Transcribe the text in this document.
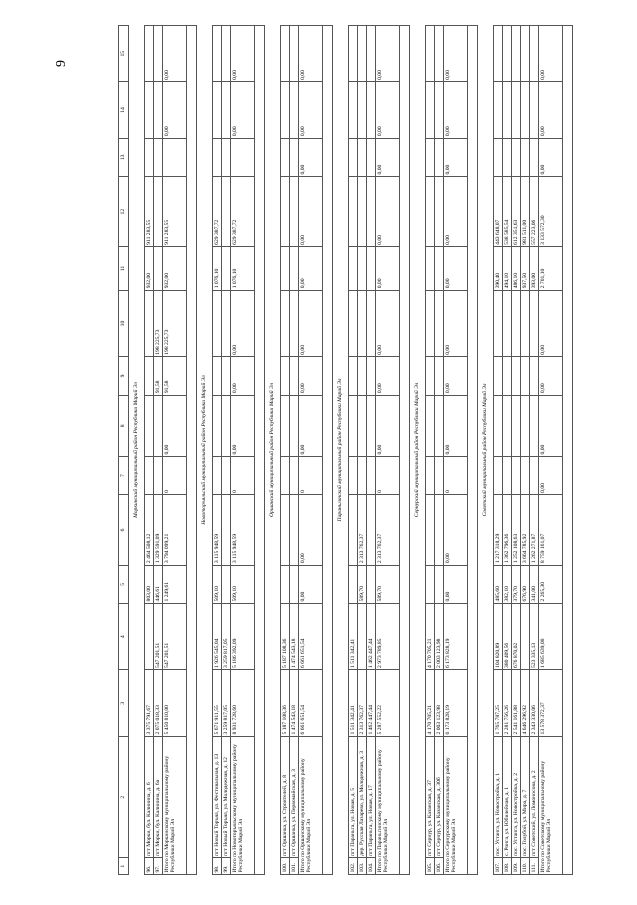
9
1	2	3	4	5	6	7	8	9	10	11	12	13	14	15
Моркинский муниципальный район Республики Марий Эл														
96.	пгт Морки, бул. Калинина, д. 6	3 375 791,67		803,00	2 464 508,12					932,00	911 283,55			
97.	пгт Морки, бул. Калинина, д. 6а	2 075 018,33	547 201,51	446,61	1 329 591,09			91,58	198 225,73					
Итого по Моркинскому муниципальному району Республики Марий Эл		5 450 810,00	547 201,51	1 249,61	3 794 099,21	0	0,00	91,58	198 225,73	932,00	911 283,55		0,00	0,00

Новоторъяльский муниципальный район Республики Марий Эл														
98.	пгт Новый Торъял, ул. Фестивальная, д. 13	5 671 911,55	1 926 545,04	509,10	3 115 948,59					1 076,10	629 387,72			
99.	пгт Новый Торъял, ул. Молодежная, д. 12	3 259 817,05	3 259 817,05											
Итого по Новоторъяльскому муниципальному району Республики Марий Эл		8 931 728,60	5 186 392,09	509,10	3 115 948,59	0	0,00	0,00	0,00	1 076,10	629 387,72		0,00	0,00

Оршанский муниципальный район Республики Марий Эл														
100.	пгт Оршанка, ул. Строителей, д. 8	5 187 108,36	5 187 108,36											
101.	пгт Оршанка, ул. Первомайская, д. 3	1 474 543,18	1 474 543,18											
Итого по Оршанскому муниципальному району Республики Марий Эл		6 661 651,54	6 661 651,54	0,00	0,00	0	0,00	0,00	0,00	0,00	0,00	0,00	0,00	0,00

Параньгинский муниципальный район Республики Марий Эл														
102.	пгт Параньга, ул. Новая, д. 5	1 511 342,41	1 511 342,41											
103.	дер. Русская Лазарево, ул. Молодежная, д. 3	2 313 762,37		589,70	2 313 762,37									
104.	пгт Параньга, ул. Новая, д. 17	1 462 447,44	1 462 447,44											
Итого по Параньгинскому муниципальному району Республики Марий Эл		5 287 552,22	2 973 789,85	589,70	2 313 762,37	0	0,00	0,00	0,00	0,00	0,00	0,00	0,00	0,00

Сернурский муниципальный район Республики Марий Эл														
105.	пгт Сернур, ул. Казанская, д. 37	4 170 705,21	4 170 705,21											
106.	пгт Сернур, ул. Казанская, д. 30б	2 003 123,98	2 003 123,98											
Итого по Сернурскому муниципальному району Республики Марий Эл		6 173 828,19	6 173 828,19	0,00	0,00	0	0,00	0,00	0,00	0,00	0,00	0,00	0,00	0,00

Советский муниципальный район Республики Марий Эл														
107.	пос. Устанга, ул. Новостройка, д. 1	1 765 787,25	104 820,89	485,60	1 217 318,29					390,40	443 648,07			
108.	с. Ронга, ул. Юбилейная, д. 1	2 281 756,26	380 409,56	382,10	1 362 796,36					494,10	538 585,54			
109.	пос. Устанга, ул. Новостройка, д. 2	2 541 161,88	676 870,02	379,70	1 252 108,63					486,10	612 351,63			
110.	пос. Голубой, ул. Мира, д. 7	4 646 296,92		676,90	3 664 785,92					937,50	981 511,00			
111.	пгт Советский, ул. Ломоносова, д. 2	2 343 330,06	523 335,13	341,00	1 262 271,87					393,00	557 223,06			
Итого по Советскому муниципальному району Республики Марий Эл		13 578 372,37	1 685 639,00	2 265,30	8 759 161,07	0,00	0,00	0,00	0,00	2 701,10	3 133 572,30	0,00	0,00	0,00
